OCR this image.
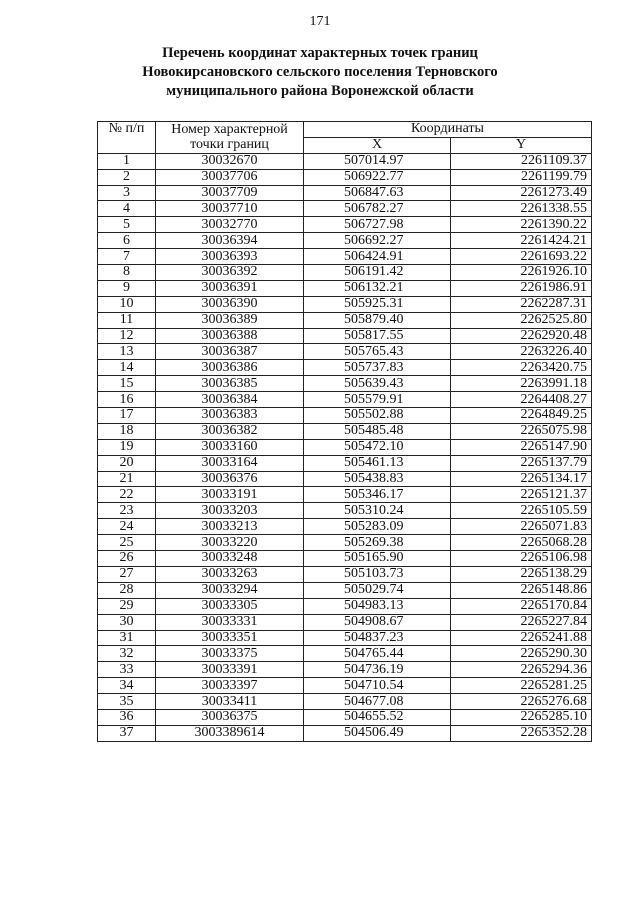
171
Перечень координат характерных точек границ
Новокирсановского сельского поселения Терновского
муниципального района Воронежской области
№ п/п	Номер характерной точки границ	Координаты	
		X	Y
1	30032670	507014.97	2261109.37
2	30037706	506922.77	2261199.79
3	30037709	506847.63	2261273.49
4	30037710	506782.27	2261338.55
5	30032770	506727.98	2261390.22
6	30036394	506692.27	2261424.21
7	30036393	506424.91	2261693.22
8	30036392	506191.42	2261926.10
9	30036391	506132.21	2261986.91
10	30036390	505925.31	2262287.31
11	30036389	505879.40	2262525.80
12	30036388	505817.55	2262920.48
13	30036387	505765.43	2263226.40
14	30036386	505737.83	2263420.75
15	30036385	505639.43	2263991.18
16	30036384	505579.91	2264408.27
17	30036383	505502.88	2264849.25
18	30036382	505485.48	2265075.98
19	30033160	505472.10	2265147.90
20	30033164	505461.13	2265137.79
21	30036376	505438.83	2265134.17
22	30033191	505346.17	2265121.37
23	30033203	505310.24	2265105.59
24	30033213	505283.09	2265071.83
25	30033220	505269.38	2265068.28
26	30033248	505165.90	2265106.98
27	30033263	505103.73	2265138.29
28	30033294	505029.74	2265148.86
29	30033305	504983.13	2265170.84
30	30033331	504908.67	2265227.84
31	30033351	504837.23	2265241.88
32	30033375	504765.44	2265290.30
33	30033391	504736.19	2265294.36
34	30033397	504710.54	2265281.25
35	30033411	504677.08	2265276.68
36	30036375	504655.52	2265285.10
37	3003389614	504506.49	2265352.28
